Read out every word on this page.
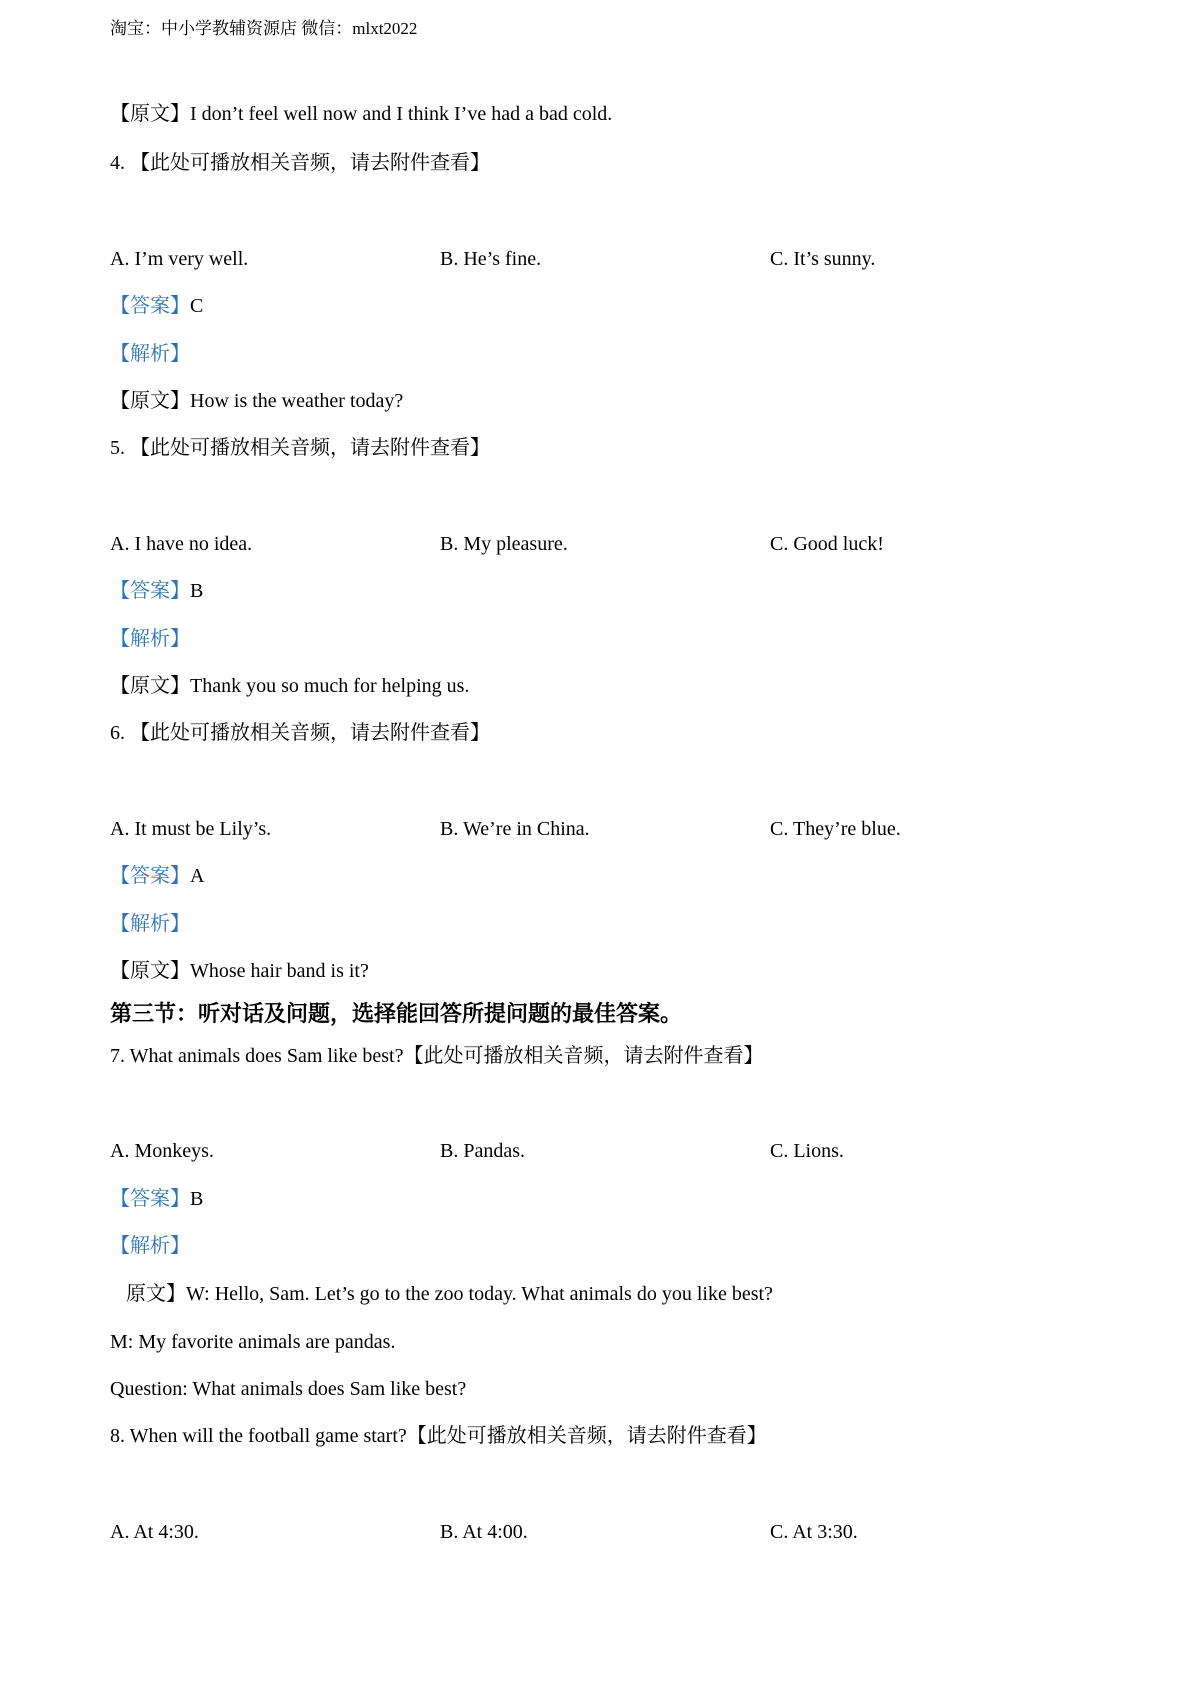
淘宝：中小学教辅资源店 微信：mlxt2022
【原文】I don’t feel well now and I think I’ve had a bad cold.
4. 【此处可播放相关音频，请去附件查看】
A. I’m very well.	B. He’s fine.	C. It’s sunny.
【答案】C
【解析】
【原文】How is the weather today?
5. 【此处可播放相关音频，请去附件查看】
A. I have no idea.	B. My pleasure.	C. Good luck!
【答案】B
【解析】
【原文】Thank you so much for helping us.
6. 【此处可播放相关音频，请去附件查看】
A. It must be Lily’s.	B. We’re in China.	C. They’re blue.
【答案】A
【解析】
【原文】Whose hair band is it?
第三节：听对话及问题，选择能回答所提问题的最佳答案。
7. What animals does Sam like best?【此处可播放相关音频，请去附件查看】
A. Monkeys.	B. Pandas.	C. Lions.
【答案】B
【解析】
原文】W: Hello, Sam. Let’s go to the zoo today. What animals do you like best?
M: My favorite animals are pandas.
Question: What animals does Sam like best?
8. When will the football game start?【此处可播放相关音频，请去附件查看】
A. At 4:30.	B. At 4:00.	C. At 3:30.
